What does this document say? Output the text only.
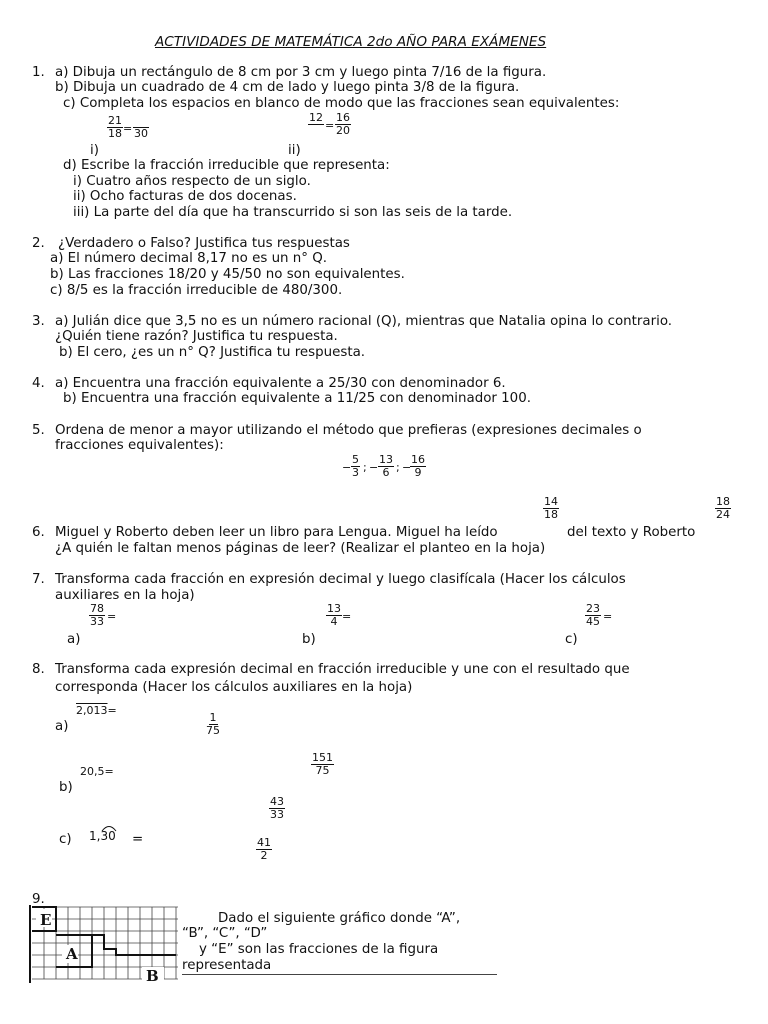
ACTIVIDADES DE MATEMÁTICA 2do AÑO PARA EXÁMENES
1. a) Dibuja un rectángulo de 8 cm por 3 cm y luego pinta 7/16 de la figura.
b) Dibuja un cuadrado de 4 cm de lado y luego pinta 3/8 de la figura.
c) Completa los espacios en blanco de modo que las fracciones sean equivalentes:
$\frac{21}{18} = 30$
i)
12
= $\frac{16}{20}$
ii)
d) Escribe la fracción irreducible que representa:
i) Cuatro años respecto de un siglo.
ii) Ocho facturas de dos docenas.
iii) La parte del día que ha transcurrido si son las seis de la tarde.
2. ¿Verdadero o Falso? Justifica tus respuestas
a) El número decimal 8,17 no es un n° Q.
b) Las fracciones 18/20 y 45/50 no son equivalentes.
c) 8/5 es la fracción irreducible de 480/300.
3. a) Julián dice que 3,5 no es un número racional (Q), mientras que Natalia opina lo contrario.
¿Quién tiene razón? Justifica tu respuesta.
b) El cero, ¿es un n° Q? Justifica tu respuesta.
4. a) Encuentra una fracción equivalente a 25/30 con denominador 6.
b) Encuentra una fracción equivalente a 11/25 con denominador 100.
5. Ordena de menor a mayor utilizando el método que prefieras (expresiones decimales o
fracciones equivalentes):
− $\frac{5}{3}$ ; − $\frac{13}{6}$ ; −
$\frac{16}{9}$
$\frac{14}{18}$	$\frac{18}{24}$
6. Miguel y Roberto deben leer un libro para Lengua. Miguel ha leído	del texto y Roberto
¿A quién le faltan menos páginas de leer? (Realizar el planteo en la hoja)
7. Transforma cada fracción en expresión decimal y luego clasifícala (Hacer los cálculos
auxiliares en la hoja)
$\frac{78}{33}$ =
a)
$\frac{13}{4}$ =
b)
$\frac{23}{45}$ =
c)
8. Transforma cada expresión decimal en fracción irreducible y une con el resultado que
corresponda (Hacer los cálculos auxiliares en la hoja)
2,013=
a)	$\frac{1}{75}$
20,5=
b)
$\frac{151}{75}$
$\frac{43}{33}$
c) 1,30 =	$\frac{41}{2}$
9.
Dado el siguiente gráfico donde “A”,
“B”, “C”, “D”
y “E” son las fracciones de la figura
representada
E
A
B
